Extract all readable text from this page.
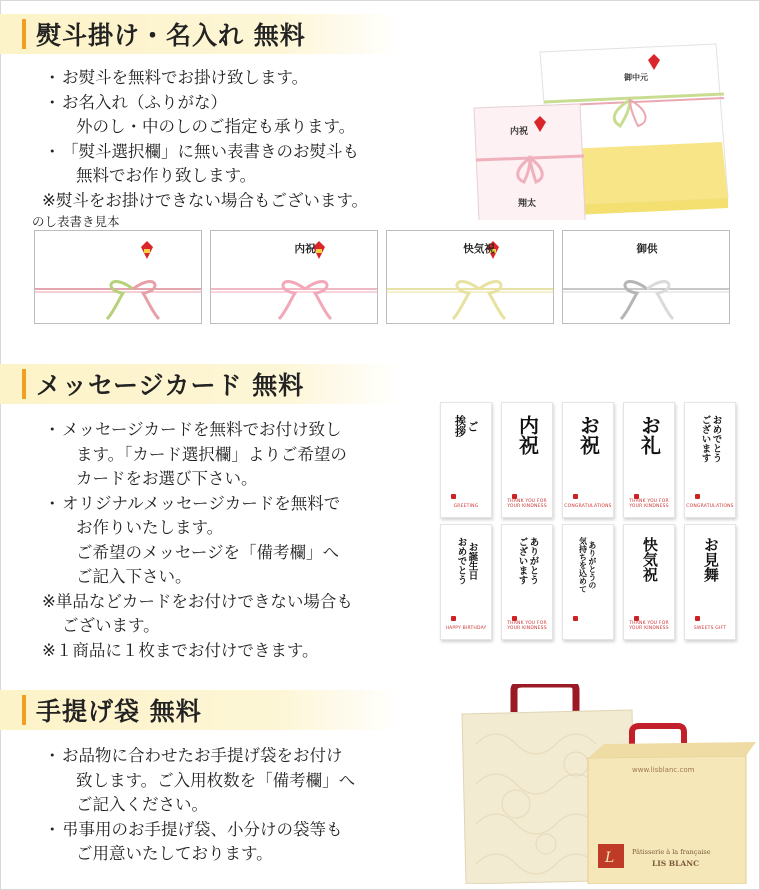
熨斗掛け・名入れ 無料
・ お熨斗を無料でお掛け致します。
・ お名入れ（ふりがな）
外のし・中のしのご指定も承ります。
・ 「熨斗選択欄」に無い表書きのお熨斗も
無料でお作り致します。
※熨斗をお掛けできない場合もございます。
御中元
内祝
翔太
のし表書き見本
内祝	快気祝	御供
メッセージカード 無料
・ メッセージカードを無料でお付け致し
ます。「カード選択欄」よりご希望の
カードをお選び下さい。
・ オリジナルメッセージカードを無料で
お作りいたします。
ご希望のメッセージを「備考欄」へ
ご記入下さい。
※単品などカードをお付けできない場合も
ございます。
※１商品に１枚までお付けできます。
ご
挨拶
GREETING
内祝
THANK YOU FOR YOUR KINDNESS
お祝
CONGRATULATIONS
お礼
THANK YOU FOR YOUR KINDNESS
おめでとう
ございます
CONGRATULATIONS
お誕生日
おめでとう
HAPPY BIRTHDAY
ありがとう
ございます
THANK YOU FOR YOUR KINDNESS
ありがとうの
気持ちを込めて	快気祝
THANK YOU FOR YOUR KINDNESS
お見舞
SWEETS GIFT
手提げ袋 無料
・ お品物に合わせたお手提げ袋をお付け
致します。ご入用枚数を「備考欄」へ
ご記入ください。
・ 弔事用のお手提げ袋、小分けの袋等も
ご用意いたしております。
www.lisblanc.com
L	Pâtisserie à la française
LIS BLANC
